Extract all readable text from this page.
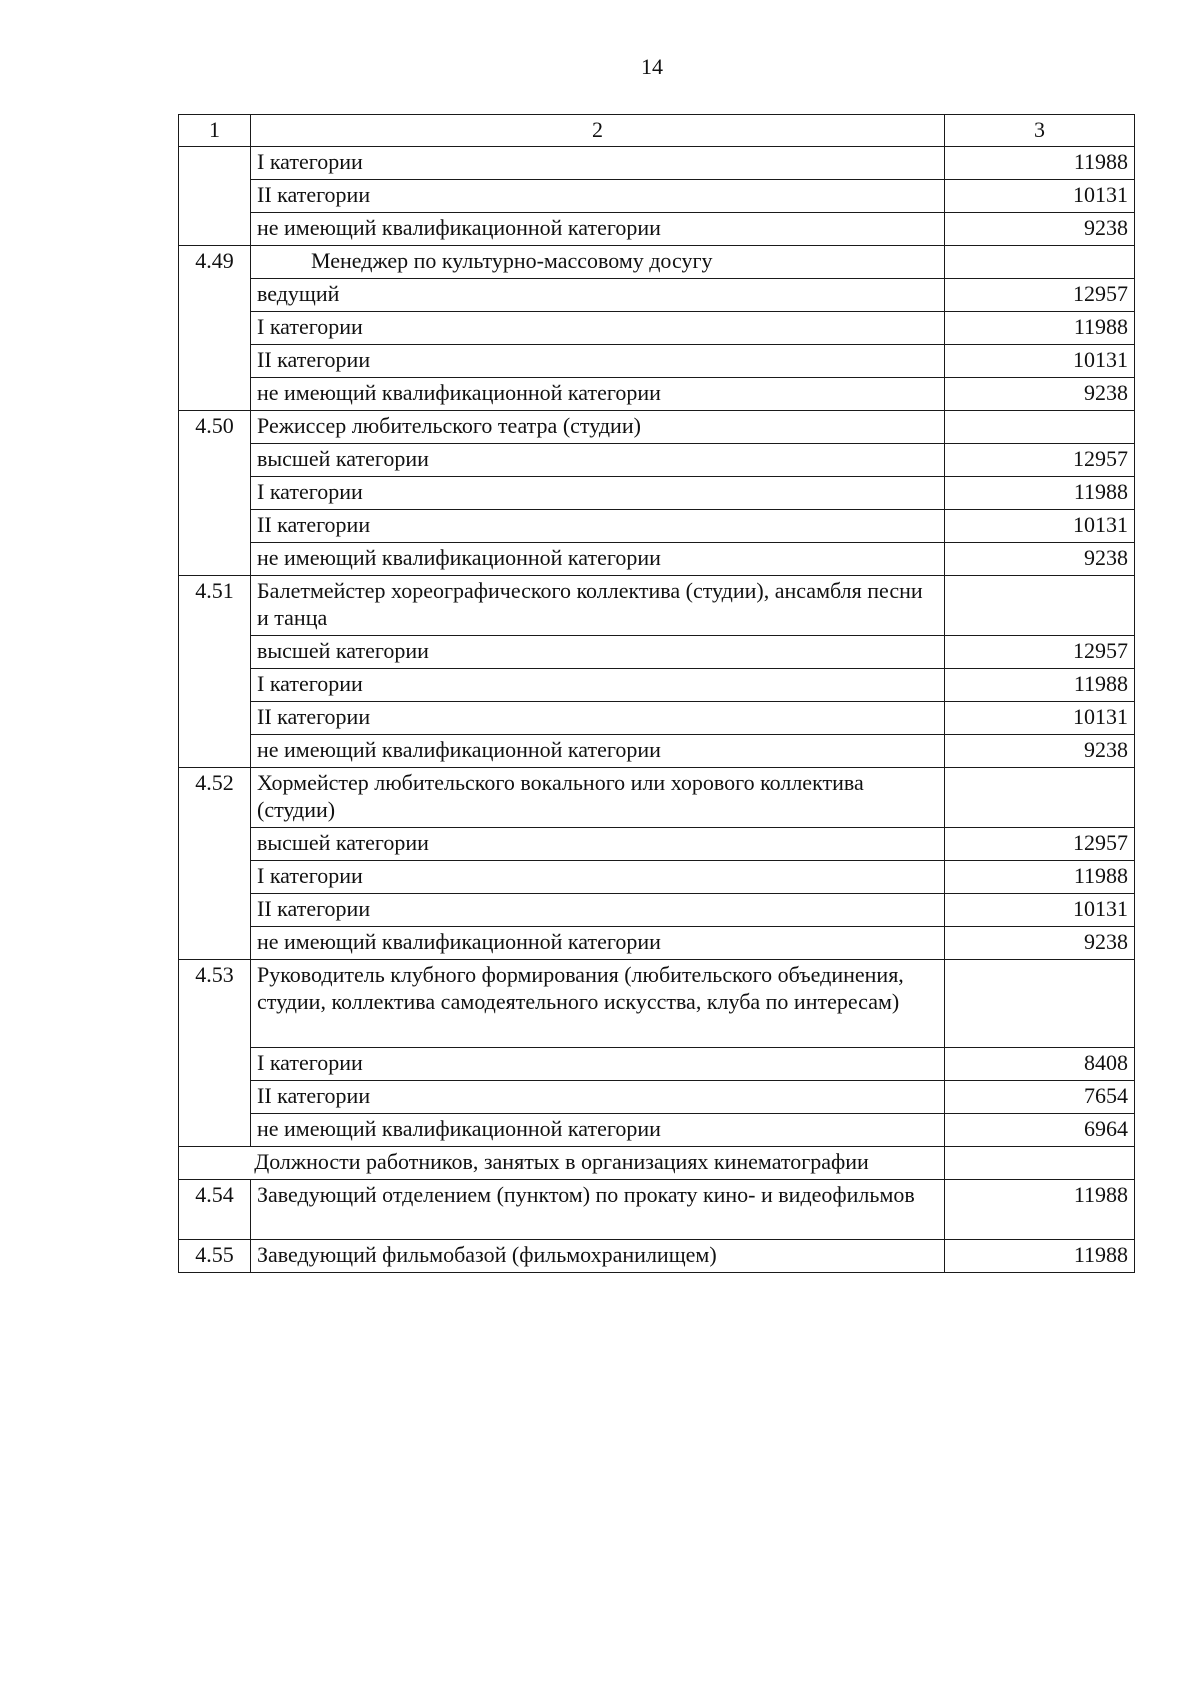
14
1	2	3
	I категории	11988
	II категории	10131
	не имеющий квалификационной категории	9238
4.49	Менеджер по культурно-массовому досугу	
	ведущий	12957
	I категории	11988
	II категории	10131
	не имеющий квалификационной категории	9238
4.50	Режиссер любительского театра (студии)	
	высшей категории	12957
	I категории	11988
	II категории	10131
	не имеющий квалификационной категории	9238
4.51	Балетмейстер хореографического коллектива (студии), ансамбля песни и танца	
	высшей категории	12957
	I категории	11988
	II категории	10131
	не имеющий квалификационной категории	9238
4.52	Хормейстер любительского вокального или хорового коллектива (студии)	
	высшей категории	12957
	I категории	11988
	II категории	10131
	не имеющий квалификационной категории	9238
4.53	Руководитель клубного формирования (любительского объединения, студии, коллектива самодеятельного искусства, клуба по интересам)	
	I категории	8408
	II категории	7654
	не имеющий квалификационной категории	6964
Должности работников, занятых в организациях кинематографии		
4.54	Заведующий отделением (пунктом) по прокату кино- и видеофильмов	11988
4.55	Заведующий фильмобазой (фильмохранилищем)	11988
